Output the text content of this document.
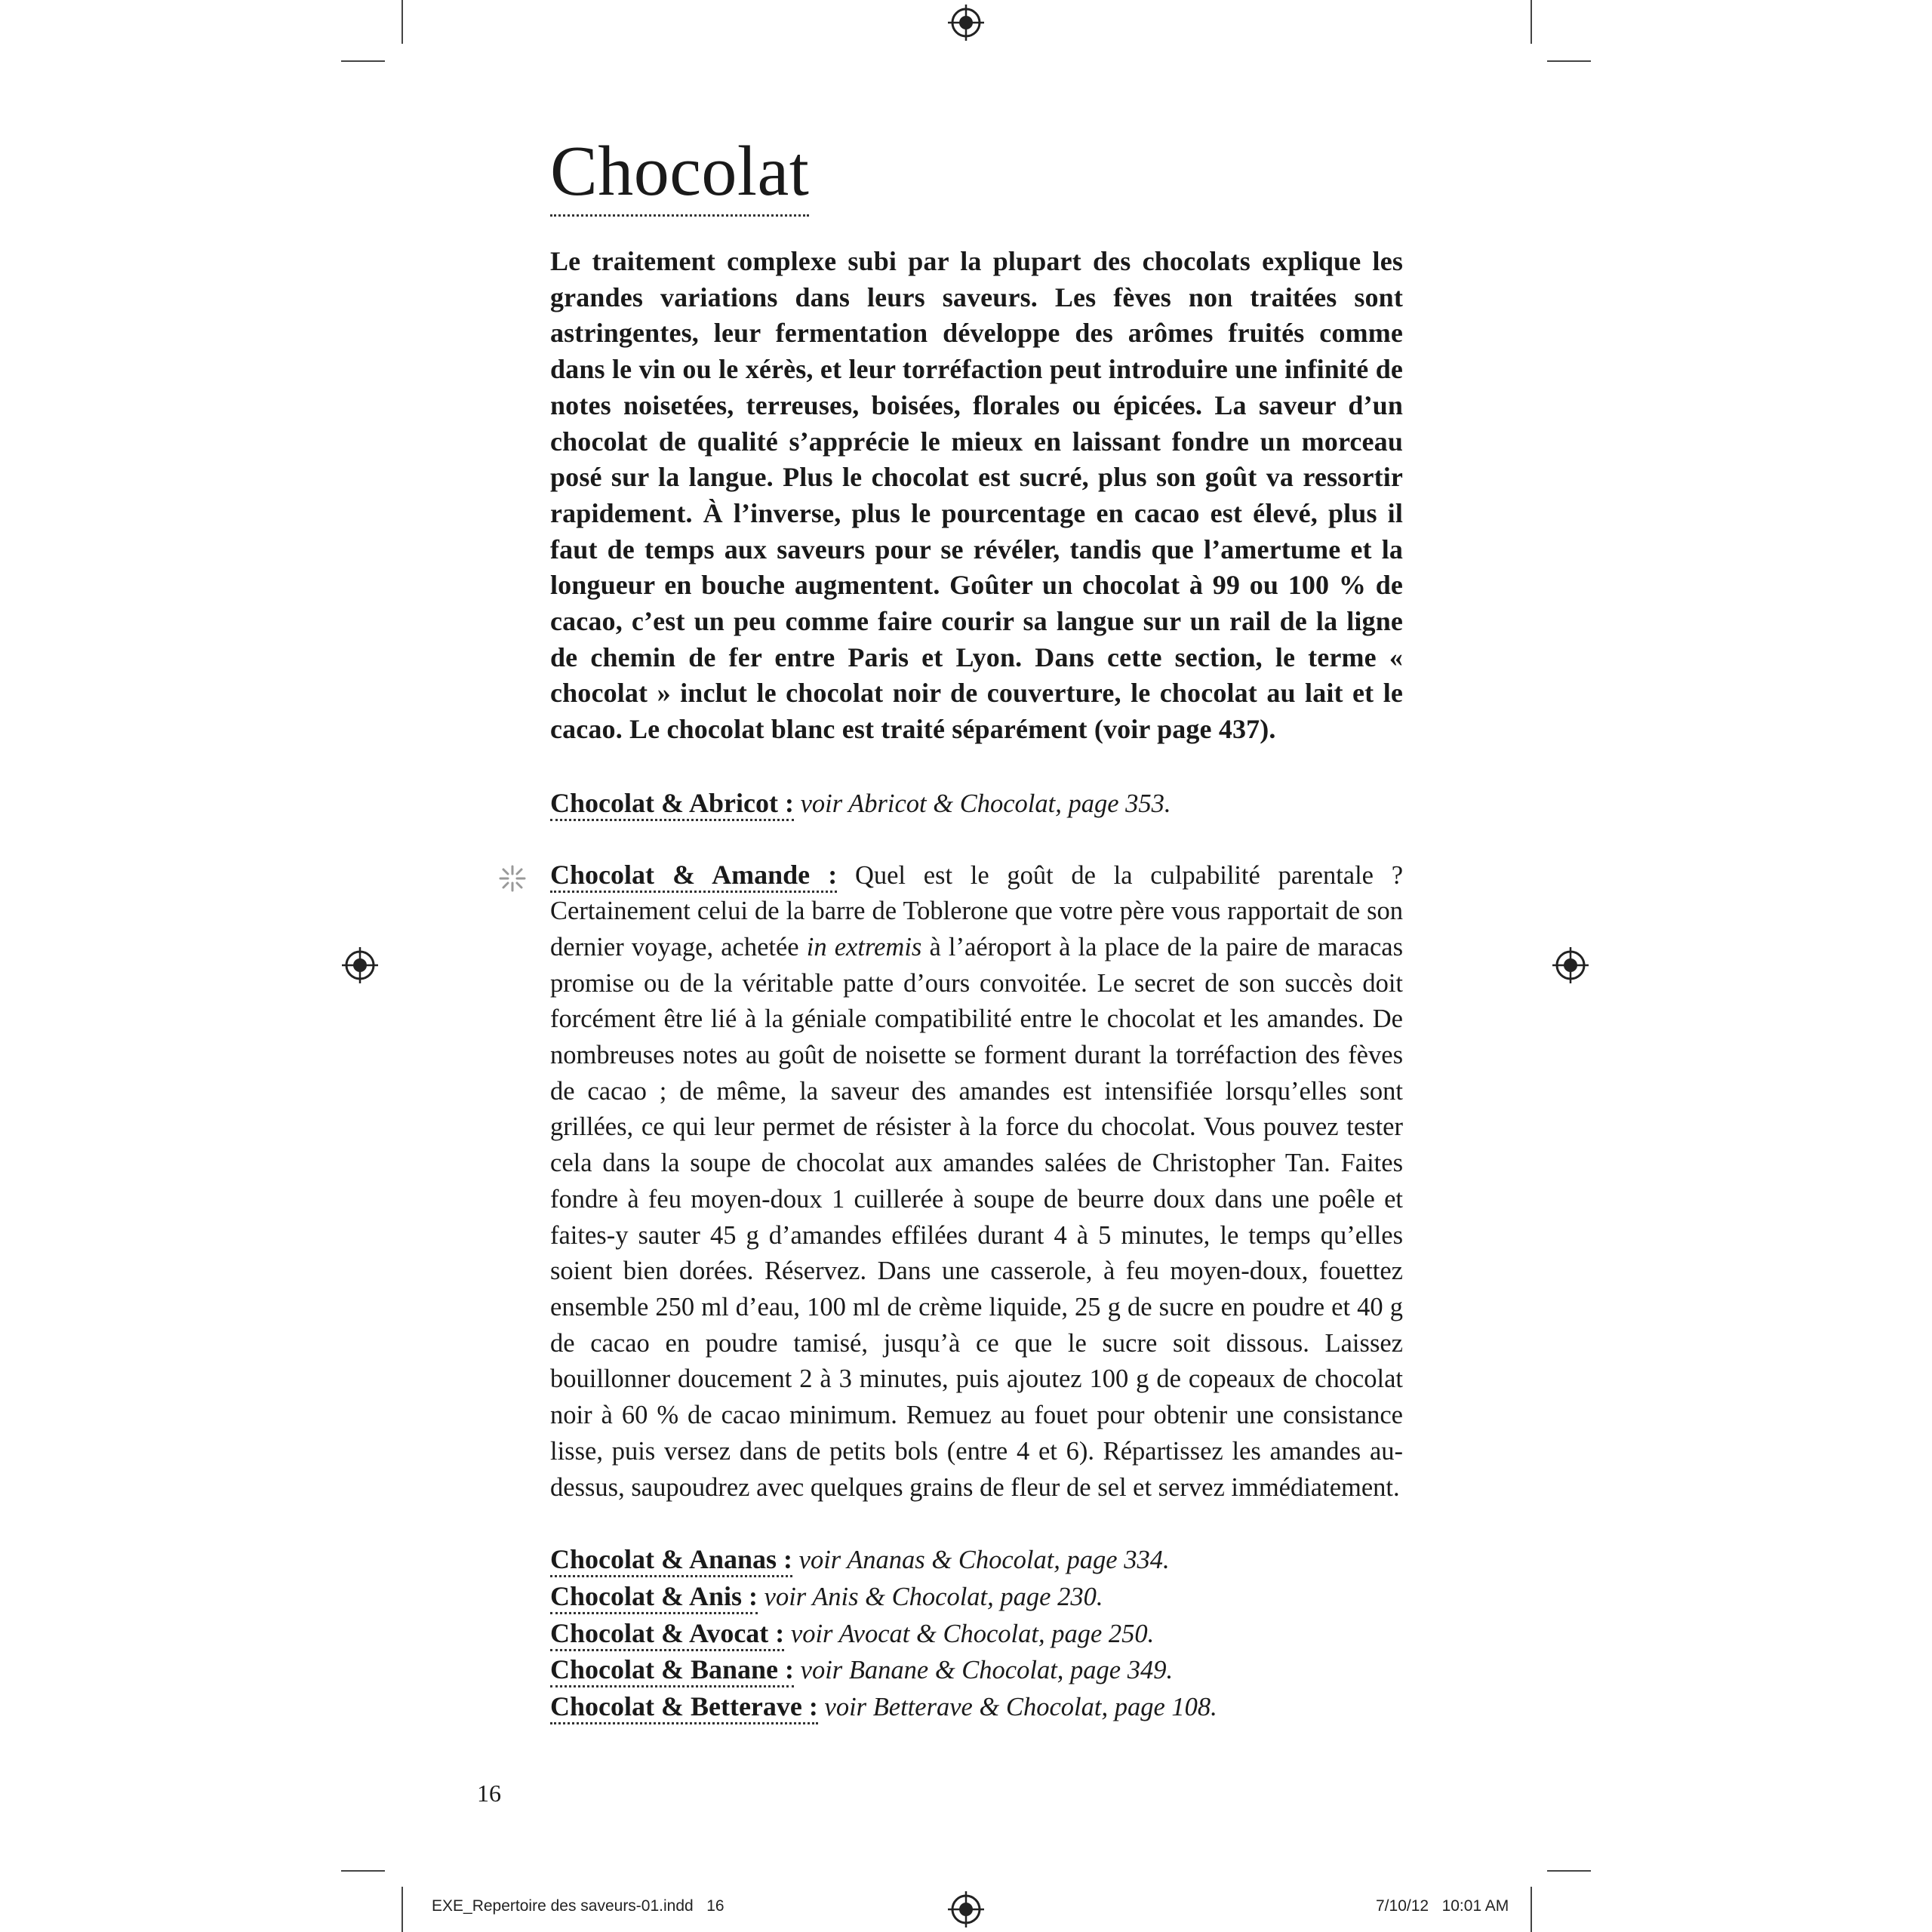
Chocolat
Le traitement complexe subi par la plupart des chocolats explique les grandes variations dans leurs saveurs. Les fèves non traitées sont astringentes, leur fermentation développe des arômes fruités comme dans le vin ou le xérès, et leur torréfaction peut introduire une infinité de notes noisetées, terreuses, boisées, florales ou épicées. La saveur d’un chocolat de qualité s’apprécie le mieux en laissant fondre un morceau posé sur la langue. Plus le chocolat est sucré, plus son goût va ressortir rapidement. À l’inverse, plus le pourcentage en cacao est élevé, plus il faut de temps aux saveurs pour se révéler, tandis que l’amertume et la longueur en bouche augmentent. Goûter un chocolat à 99 ou 100 % de cacao, c’est un peu comme faire courir sa langue sur un rail de la ligne de chemin de fer entre Paris et Lyon. Dans cette section, le terme « chocolat » inclut le chocolat noir de couverture, le chocolat au lait et le cacao. Le chocolat blanc est traité séparément (voir page 437).
Chocolat & Abricot : voir Abricot & Chocolat, page 353.
Chocolat & Amande : Quel est le goût de la culpabilité parentale ? Certainement celui de la barre de Toblerone que votre père vous rapportait de son dernier voyage, achetée in extremis à l’aéroport à la place de la paire de maracas promise ou de la véritable patte d’ours convoitée. Le secret de son succès doit forcément être lié à la géniale compatibilité entre le chocolat et les amandes. De nombreuses notes au goût de noisette se forment durant la torréfaction des fèves de cacao ; de même, la saveur des amandes est intensifiée lorsqu’elles sont grillées, ce qui leur permet de résister à la force du chocolat. Vous pouvez tester cela dans la soupe de chocolat aux amandes salées de Christopher Tan. Faites fondre à feu moyen-doux 1 cuillerée à soupe de beurre doux dans une poêle et faites-y sauter 45 g d’amandes effilées durant 4 à 5 minutes, le temps qu’elles soient bien dorées. Réservez. Dans une casserole, à feu moyen-doux, fouettez ensemble 250 ml d’eau, 100 ml de crème liquide, 25 g de sucre en poudre et 40 g de cacao en poudre tamisé, jusqu’à ce que le sucre soit dissous. Laissez bouillonner doucement 2 à 3 minutes, puis ajoutez 100 g de copeaux de chocolat noir à 60 % de cacao minimum. Remuez au fouet pour obtenir une consistance lisse, puis versez dans de petits bols (entre 4 et 6). Répartissez les amandes au-dessus, saupoudrez avec quelques grains de fleur de sel et servez immédiatement.
Chocolat & Ananas : voir Ananas & Chocolat, page 334.
Chocolat & Anis : voir Anis & Chocolat, page 230.
Chocolat & Avocat : voir Avocat & Chocolat, page 250.
Chocolat & Banane : voir Banane & Chocolat, page 349.
Chocolat & Betterave : voir Betterave & Chocolat, page 108.
16
EXE_Repertoire des saveurs-01.indd   16	7/10/12   10:01 AM
